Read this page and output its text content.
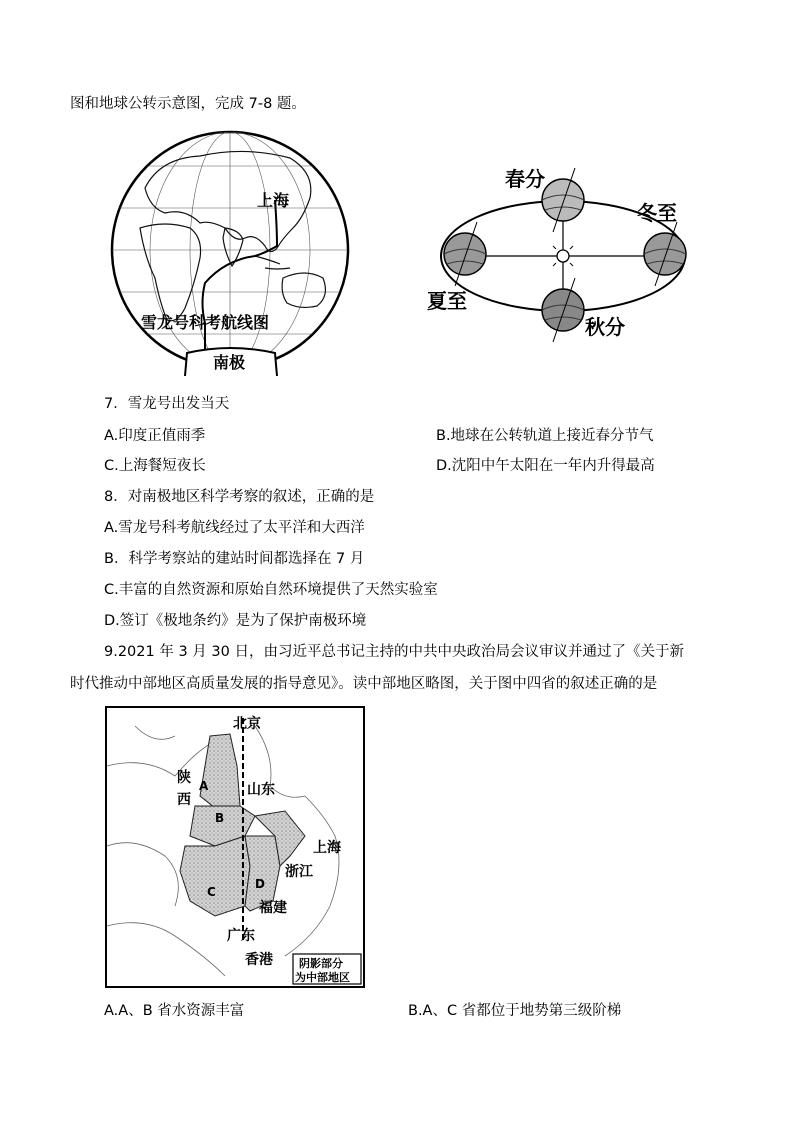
图和地球公转示意图，完成 7-8 题。
上海
雪龙号科考航线图
南极
春分
冬至
夏至
秋分
7．雪龙号出发当天
A.印度正值雨季	B.地球在公转轨道上接近春分节气
C.上海餐短夜长	D.沈阳中午太阳在一年内升得最高
8．对南极地区科学考察的叙述，正确的是
A.雪龙号科考航线经过了太平洋和大西洋
B．科学考察站的建站时间都选择在 7 月
C.丰富的自然资源和原始自然环境提供了天然实验室
D.签订《极地条约》是为了保护南极环境
9.2021 年 3 月 30 日，由习近平总书记主持的中共中央政治局会议审议并通过了《关于新
时代推动中部地区高质量发展的指导意见》。读中部地区略图，关于图中四省的叙述正确的是
阴影部分
为中部地区
北京
陕
西
A	山东
B
上海
浙江
C
D
福建
广东
香港
A.A、B 省水资源丰富	B.A、C 省都位于地势第三级阶梯
